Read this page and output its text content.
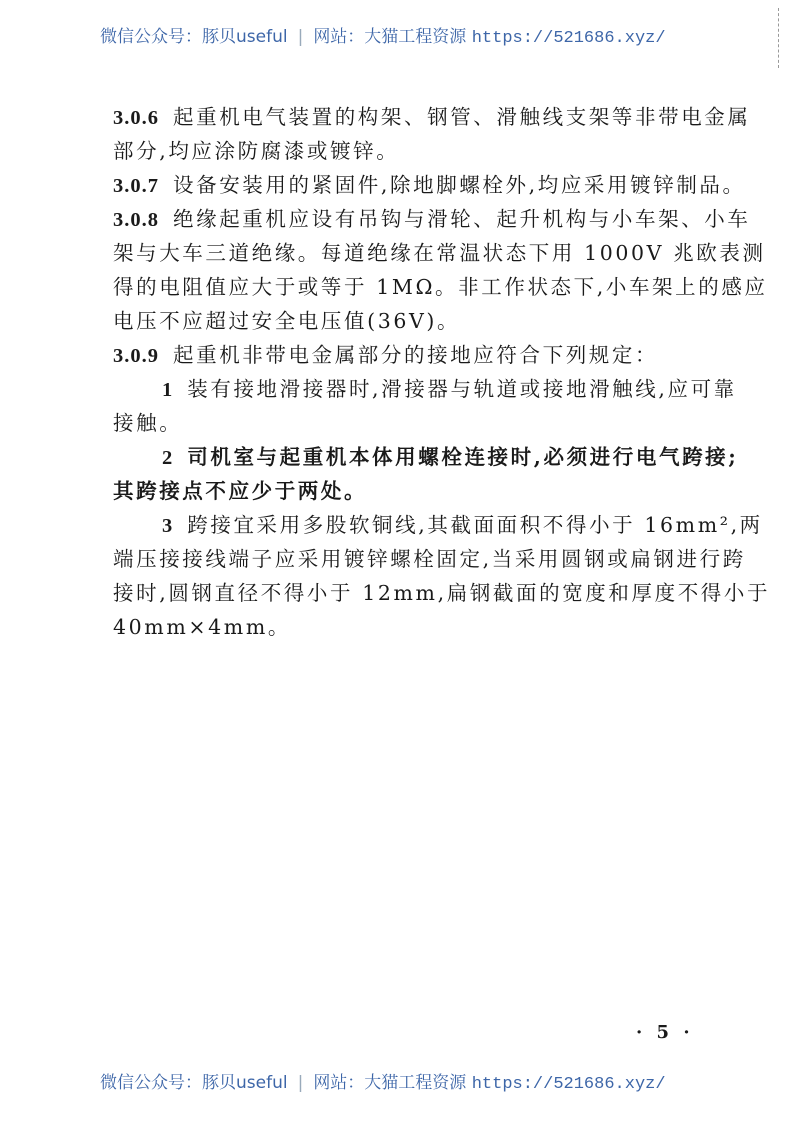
微信公众号：豚贝useful | 网站：大猫工程资源 https://521686.xyz/
3.0.6 起重机电气装置的构架、钢管、滑触线支架等非带电金属
部分,均应涂防腐漆或镀锌。
3.0.7 设备安装用的紧固件,除地脚螺栓外,均应采用镀锌制品。
3.0.8 绝缘起重机应设有吊钩与滑轮、起升机构与小车架、小车
架与大车三道绝缘。每道绝缘在常温状态下用 1000V 兆欧表测
得的电阻值应大于或等于 1MΩ。非工作状态下,小车架上的感应
电压不应超过安全电压值(36V)。
3.0.9 起重机非带电金属部分的接地应符合下列规定：
1 装有接地滑接器时,滑接器与轨道或接地滑触线,应可靠
接触。
2 司机室与起重机本体用螺栓连接时,必须进行电气跨接;
其跨接点不应少于两处。
3 跨接宜采用多股软铜线,其截面面积不得小于 16mm²,两
端压接接线端子应采用镀锌螺栓固定,当采用圆钢或扁钢进行跨
接时,圆钢直径不得小于 12mm,扁钢截面的宽度和厚度不得小于
40mm×4mm。
· 5 ·
微信公众号：豚贝useful | 网站：大猫工程资源 https://521686.xyz/
